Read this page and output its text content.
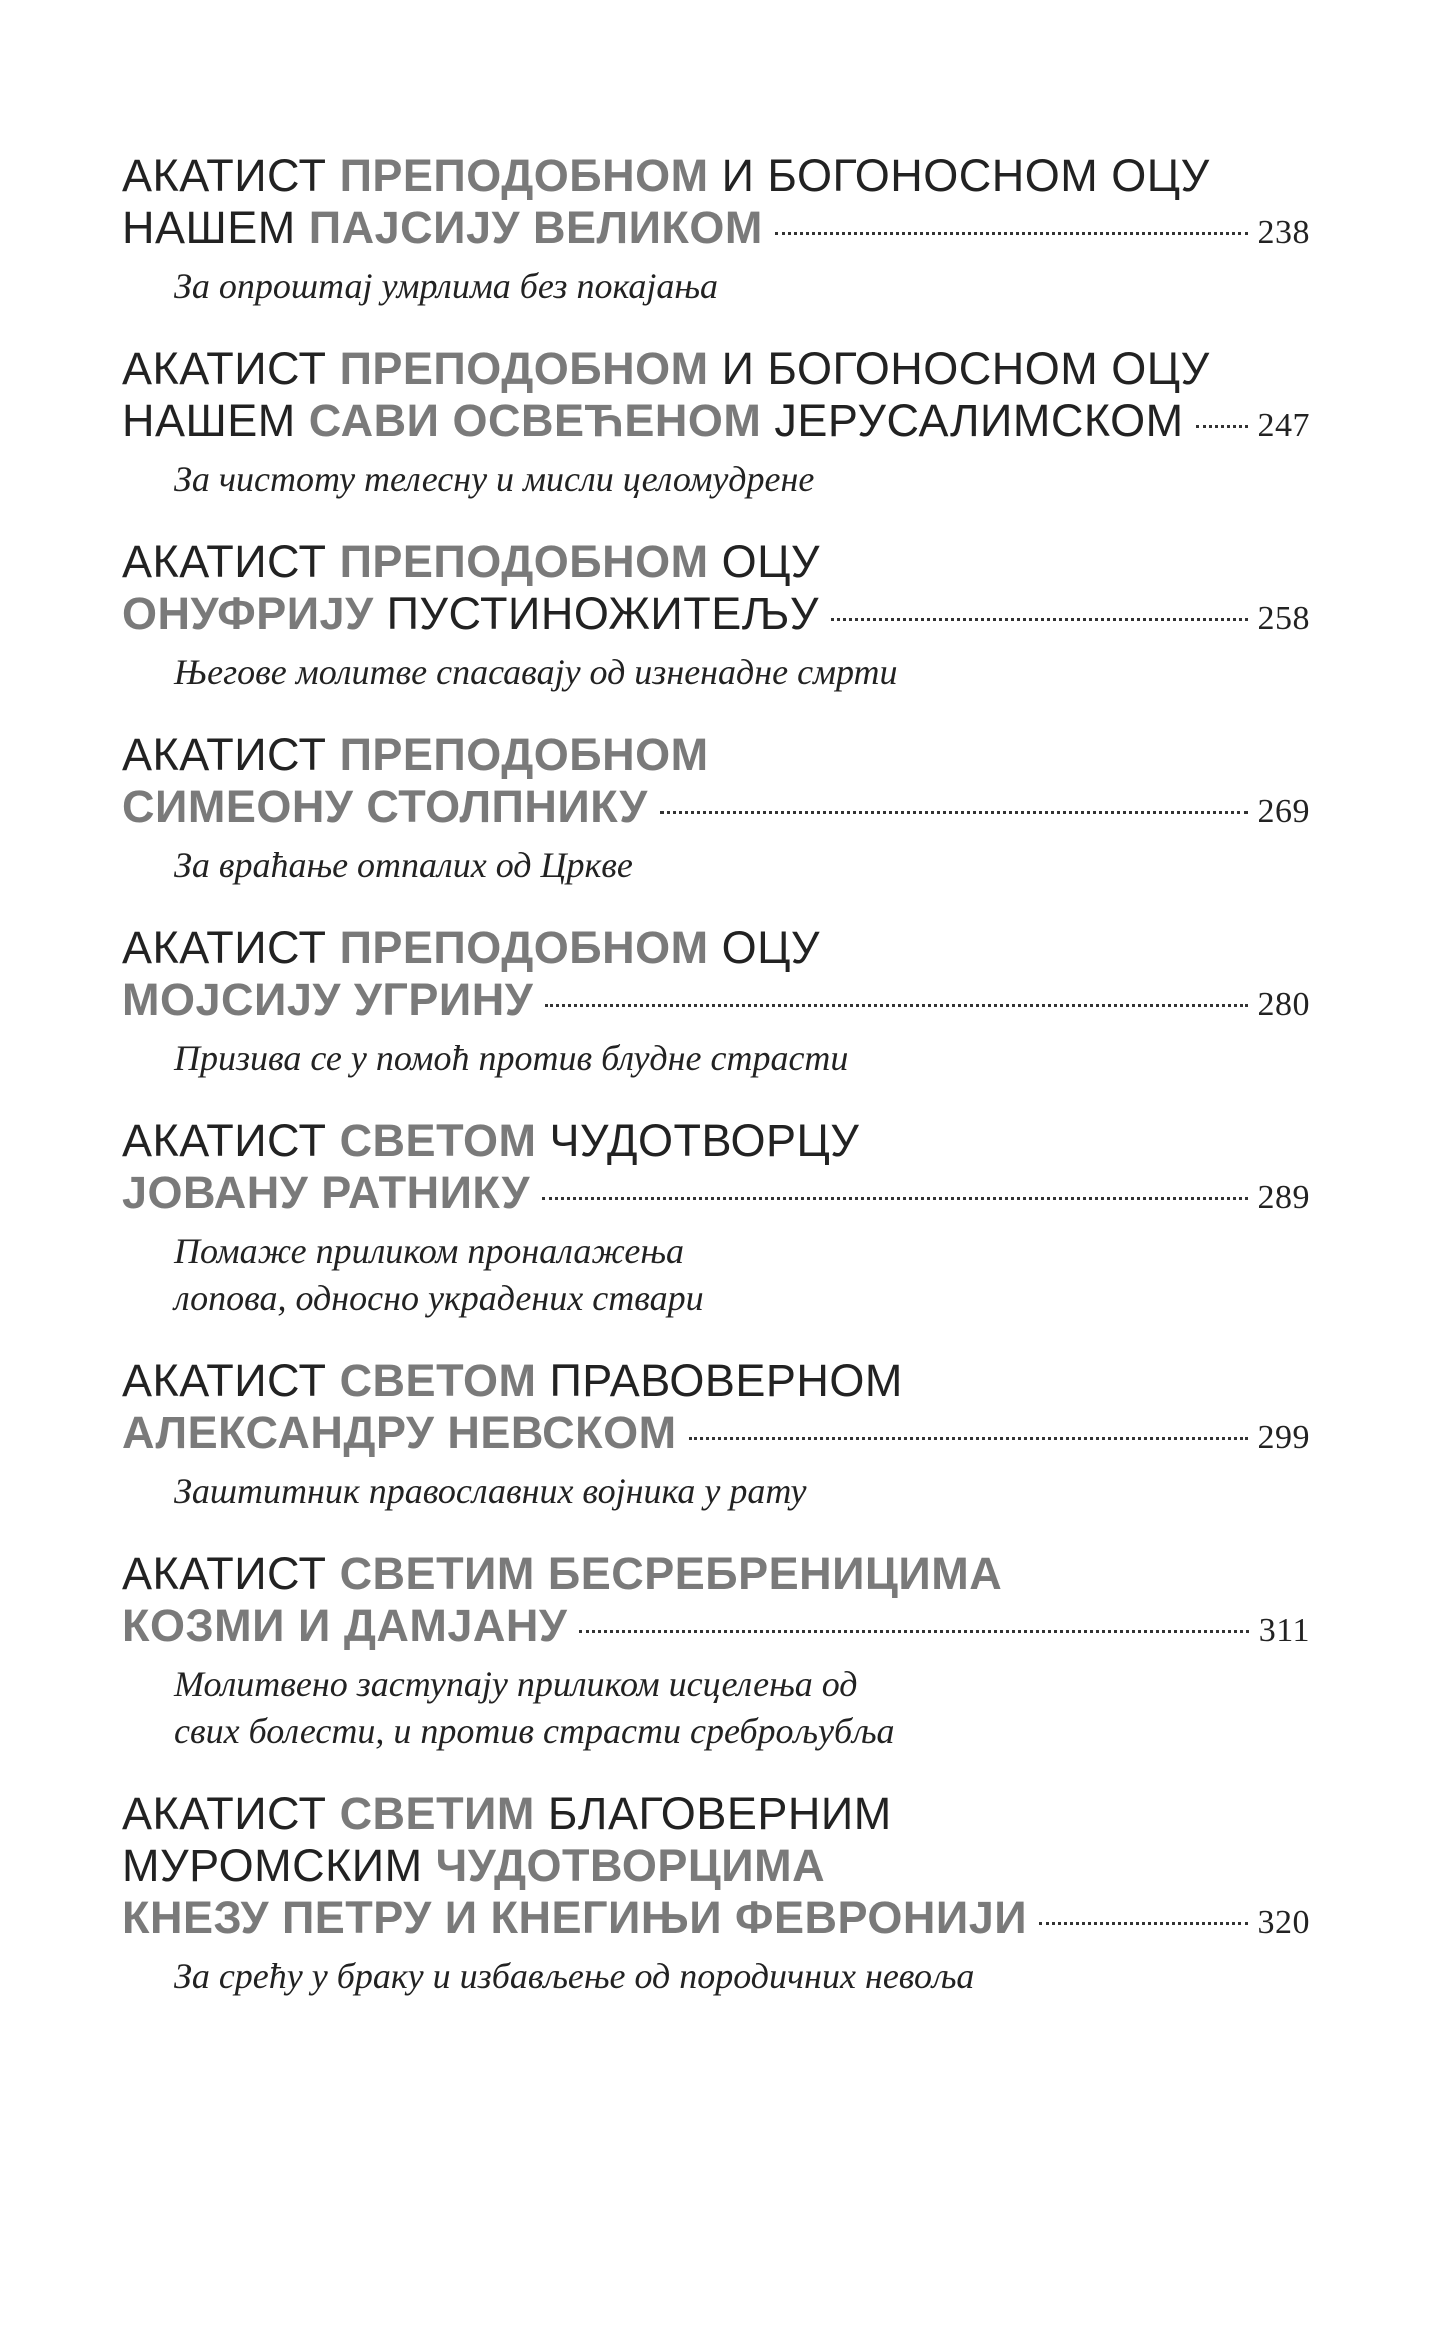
АКАТИСТ ПРЕПОДОБНОМ И БОГОНОСНОМ ОЦУ
НАШЕМ ПАЈСИЈУ ВЕЛИКОМ	238
За опроштај умрлима без покајања
АКАТИСТ ПРЕПОДОБНОМ И БОГОНОСНОМ ОЦУ
НАШЕМ САВИ ОСВЕЋЕНОМ ЈЕРУСАЛИМСКОМ 247
За чистоту телесну и мисли целомудрене
АКАТИСТ ПРЕПОДОБНОМ ОЦУ
ОНУФРИЈУ ПУСТИНОЖИТЕЉУ	258
Његове молитве спасавају од изненадне смрти
АКАТИСТ ПРЕПОДОБНОМ
СИМЕОНУ СТОЛПНИКУ	269
За враћање отпалих од Цркве
АКАТИСТ ПРЕПОДОБНОМ ОЦУ
МОЈСИЈУ УГРИНУ	280
Призива се у помоћ против блудне страсти
АКАТИСТ СВЕТОМ ЧУДОТВОРЦУ
ЈОВАНУ РАТНИКУ	289
Помаже приликом проналажења
лопова, односно украдених ствари
АКАТИСТ СВЕТОМ ПРАВОВЕРНОМ
АЛЕКСАНДРУ НЕВСКОМ	299
Заштитник православних војника у рату
АКАТИСТ СВЕТИМ БЕСРЕБРЕНИЦИМА
КОЗМИ И ДАМЈАНУ	311
Молитвено заступају приликом исцелења од
свих болести, и против страсти среброљубља
АКАТИСТ СВЕТИМ БЛАГОВЕРНИМ
МУРОМСКИМ ЧУДОТВОРЦИМА
КНЕЗУ ПЕТРУ И КНЕГИЊИ ФЕВРОНИЈИ	320
За срећу у браку и избављење од породичних невоља
